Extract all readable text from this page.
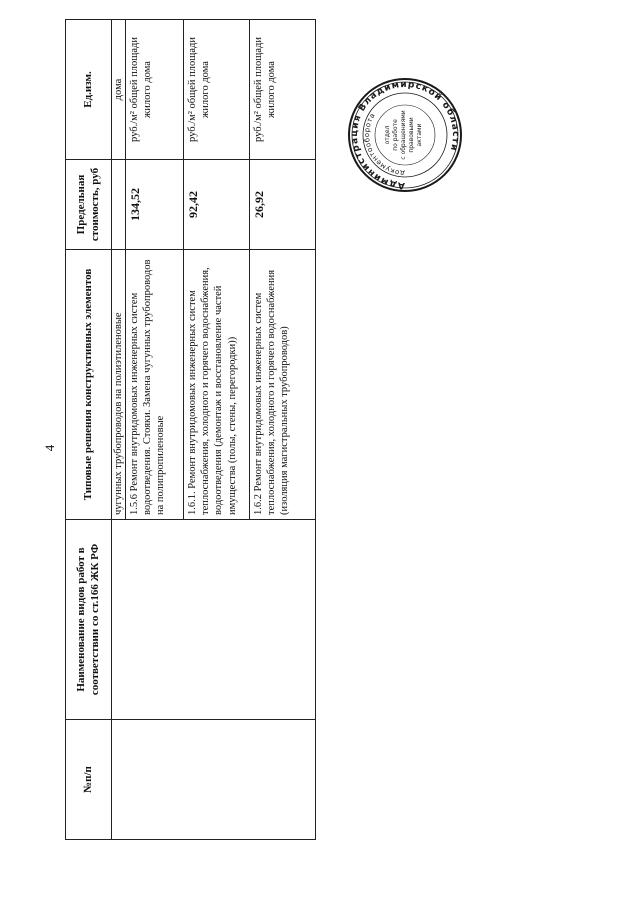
4
№п/п	Наименование видов работ в соответствии со ст.166 ЖК РФ	Типовые решения конструктивных элементов	Предельная стоимость, руб	Ед.изм.
		чугунных трубопроводов на полиэтиленовые		дома
		1.5.6 Ремонт внутридомовых инженерных систем водоотведения. Стояки. Замена чугунных трубопроводов на полипропиленовые	134,52	руб./м² общей площади жилого дома
		1.6.1. Ремонт внутридомовых инженерных систем теплоснабжения, холодного и горячего водоснабжения, водоотведения (демонтаж и восстановление частей имущества (полы, стены, перегородки))	92,42	руб./м² общей площади жилого дома
		1.6.2 Ремонт внутридомовых инженерных систем теплоснабжения, холодного и горячего водоснабжения (изоляция магистральных трубопроводов)	26,92	руб./м² общей площади жилого дома
Администрация Владимирской области
документооборота
отдел по работе с обращениями правовыми актами
